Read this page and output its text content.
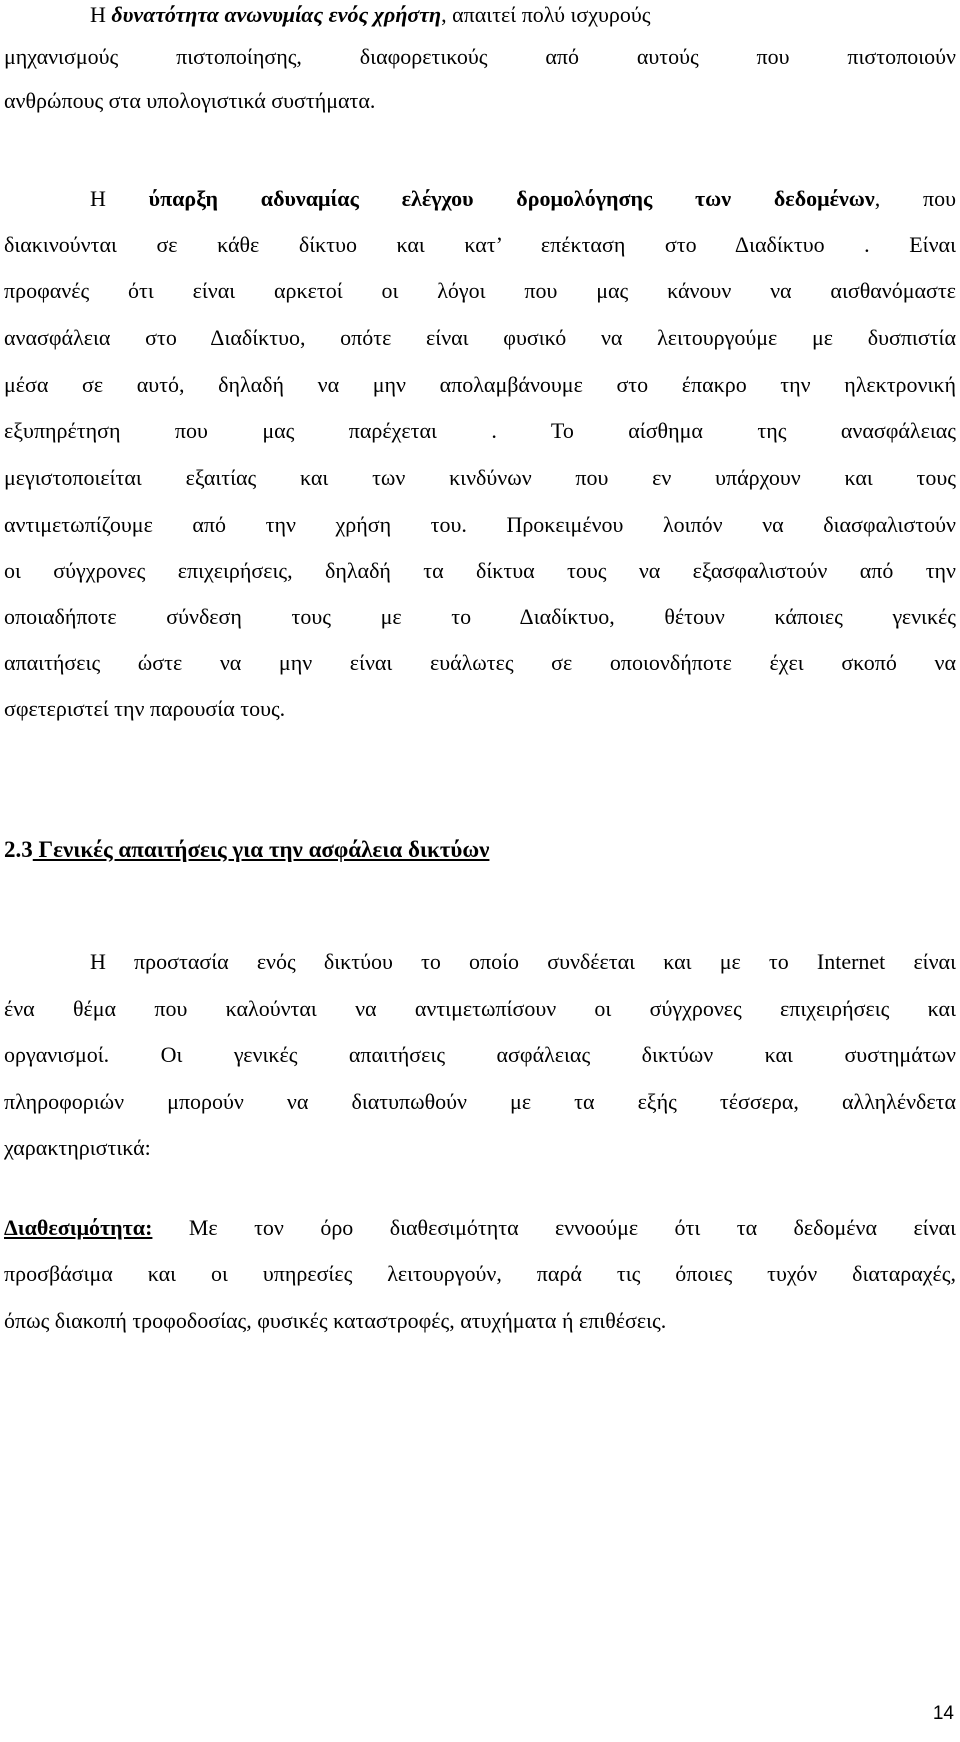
Η δυνατότητα ανωνυμίας ενός χρήστη, απαιτεί πολύ ισχυρούς
μηχανισμούς πιστοποίησης, διαφορετικούς από αυτούς που πιστοποιούν
ανθρώπους στα υπολογιστικά συστήματα.
Η ύπαρξη αδυναμίας ελέγχου δρομολόγησης των δεδομένων, που
διακινούνται σε κάθε δίκτυο και κατ’ επέκταση στο Διαδίκτυο . Είναι
προφανές ότι είναι αρκετοί οι λόγοι που μας κάνουν να αισθανόμαστε
ανασφάλεια στο Διαδίκτυο, οπότε είναι φυσικό να λειτουργούμε με δυσπιστία
μέσα σε αυτό, δηλαδή να μην απολαμβάνουμε στο έπακρο την ηλεκτρονική
εξυπηρέτηση που μας παρέχεται . Το αίσθημα της ανασφάλειας
μεγιστοποιείται εξαιτίας και των κινδύνων που εν υπάρχουν και τους
αντιμετωπίζουμε από την χρήση του. Προκειμένου λοιπόν να διασφαλιστούν
οι σύγχρονες επιχειρήσεις, δηλαδή τα δίκτυα τους να εξασφαλιστούν από την
οποιαδήποτε σύνδεση τους με το Διαδίκτυο, θέτουν κάποιες γενικές
απαιτήσεις ώστε να μην είναι ευάλωτες σε οποιονδήποτε έχει σκοπό να
σφετεριστεί την παρουσία τους.
2.3 Γενικές απαιτήσεις για την ασφάλεια δικτύων
Η προστασία ενός δικτύου το οποίο συνδέεται και με το Internet είναι
ένα θέμα που καλούνται να αντιμετωπίσουν οι σύγχρονες επιχειρήσεις και
οργανισμοί. Οι γενικές απαιτήσεις ασφάλειας δικτύων και συστημάτων
πληροφοριών μπορούν να διατυπωθούν με τα εξής τέσσερα, αλληλένδετα
χαρακτηριστικά:
Διαθεσιμότητα: Με τον όρο διαθεσιμότητα εννοούμε ότι τα δεδομένα είναι
προσβάσιμα και οι υπηρεσίες λειτουργούν, παρά τις όποιες τυχόν διαταραχές,
όπως διακοπή τροφοδοσίας, φυσικές καταστροφές, ατυχήματα ή επιθέσεις.
14
